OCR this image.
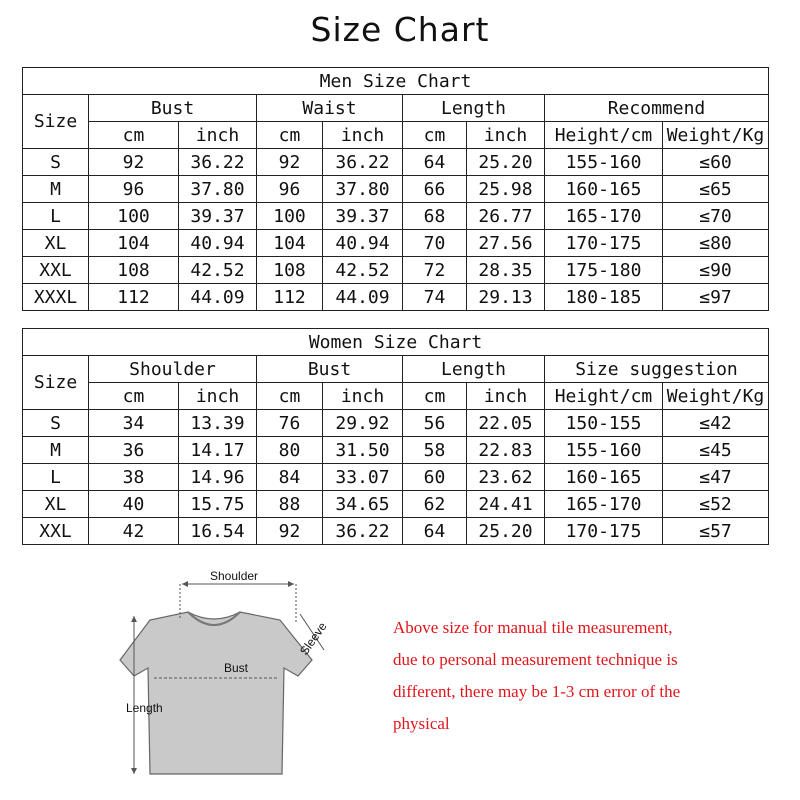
Size Chart
Men Size Chart								
Size	Bust		Waist		Length		Recommend	
	cm	inch	cm	inch	cm	inch	Height/cm	Weight/Kg
S	92	36.22	92	36.22	64	25.20	155-160	≤60
M	96	37.80	96	37.80	66	25.98	160-165	≤65
L	100	39.37	100	39.37	68	26.77	165-170	≤70
XL	104	40.94	104	40.94	70	27.56	170-175	≤80
XXL	108	42.52	108	42.52	72	28.35	175-180	≤90
XXXL	112	44.09	112	44.09	74	29.13	180-185	≤97
Women Size Chart								
Size	Shoulder		Bust		Length		Size suggestion	
	cm	inch	cm	inch	cm	inch	Height/cm	Weight/Kg
S	34	13.39	76	29.92	56	22.05	150-155	≤42
M	36	14.17	80	31.50	58	22.83	155-160	≤45
L	38	14.96	84	33.07	60	23.62	160-165	≤47
XL	40	15.75	88	34.65	62	24.41	165-170	≤52
XXL	42	16.54	92	36.22	64	25.20	170-175	≤57
Shoulder
Sleeve
Bust
Length
Above size for manual tile measurement,
due to personal measurement technique is
different, there may be 1-3 cm error of the
physical
